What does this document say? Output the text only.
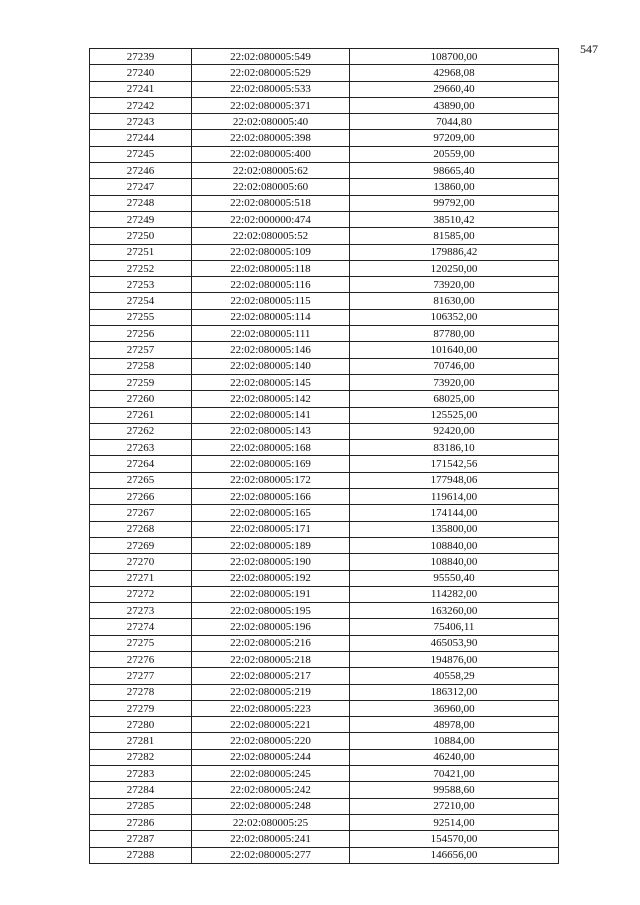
547
27239	22:02:080005:549	108700,00
27240	22:02:080005:529	42968,08
27241	22:02:080005:533	29660,40
27242	22:02:080005:371	43890,00
27243	22:02:080005:40	7044,80
27244	22:02:080005:398	97209,00
27245	22:02:080005:400	20559,00
27246	22:02:080005:62	98665,40
27247	22:02:080005:60	13860,00
27248	22:02:080005:518	99792,00
27249	22:02:000000:474	38510,42
27250	22:02:080005:52	81585,00
27251	22:02:080005:109	179886,42
27252	22:02:080005:118	120250,00
27253	22:02:080005:116	73920,00
27254	22:02:080005:115	81630,00
27255	22:02:080005:114	106352,00
27256	22:02:080005:111	87780,00
27257	22:02:080005:146	101640,00
27258	22:02:080005:140	70746,00
27259	22:02:080005:145	73920,00
27260	22:02:080005:142	68025,00
27261	22:02:080005:141	125525,00
27262	22:02:080005:143	92420,00
27263	22:02:080005:168	83186,10
27264	22:02:080005:169	171542,56
27265	22:02:080005:172	177948,06
27266	22:02:080005:166	119614,00
27267	22:02:080005:165	174144,00
27268	22:02:080005:171	135800,00
27269	22:02:080005:189	108840,00
27270	22:02:080005:190	108840,00
27271	22:02:080005:192	95550,40
27272	22:02:080005:191	114282,00
27273	22:02:080005:195	163260,00
27274	22:02:080005:196	75406,11
27275	22:02:080005:216	465053,90
27276	22:02:080005:218	194876,00
27277	22:02:080005:217	40558,29
27278	22:02:080005:219	186312,00
27279	22:02:080005:223	36960,00
27280	22:02:080005:221	48978,00
27281	22:02:080005:220	10884,00
27282	22:02:080005:244	46240,00
27283	22:02:080005:245	70421,00
27284	22:02:080005:242	99588,60
27285	22:02:080005:248	27210,00
27286	22:02:080005:25	92514,00
27287	22:02:080005:241	154570,00
27288	22:02:080005:277	146656,00
